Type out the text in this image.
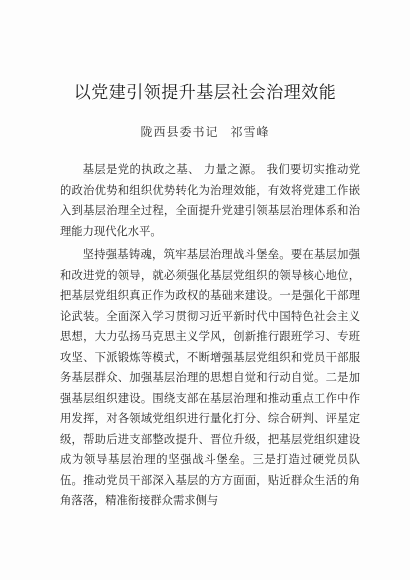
以党建引领提升基层社会治理效能
陇西县委书记 祁雪峰

基层是党的执政之基、 力量之源。 我们要切实推动党的政治优势和组织优势转化为治理效能，有效将党建工作嵌入到基层治理全过程，全面提升党建引领基层治理体系和治理能力现代化水平。

坚持强基铸魂，筑牢基层治理战斗堡垒。要在基层加强和改进党的领导，就必须强化基层党组织的领导核心地位，把基层党组织真正作为政权的基础来建设。一是强化干部理论武装。全面深入学习贯彻习近平新时代中国特色社会主义思想，大力弘扬马克思主义学风，创新推行跟班学习、专班攻坚、下派锻炼等模式，不断增强基层党组织和党员干部服务基层群众、加强基层治理的思想自觉和行动自觉。二是加强基层组织建设。围绕支部在基层治理和推动重点工作中作用发挥，对各领域党组织进行量化打分、综合研判、评星定级，帮助后进支部整改提升、晋位升级，把基层党组织建设成为领导基层治理的坚强战斗堡垒。三是打造过硬党员队伍。推动党员干部深入基层的方方面面，贴近群众生活的角角落落，精准衔接群众需求侧与
